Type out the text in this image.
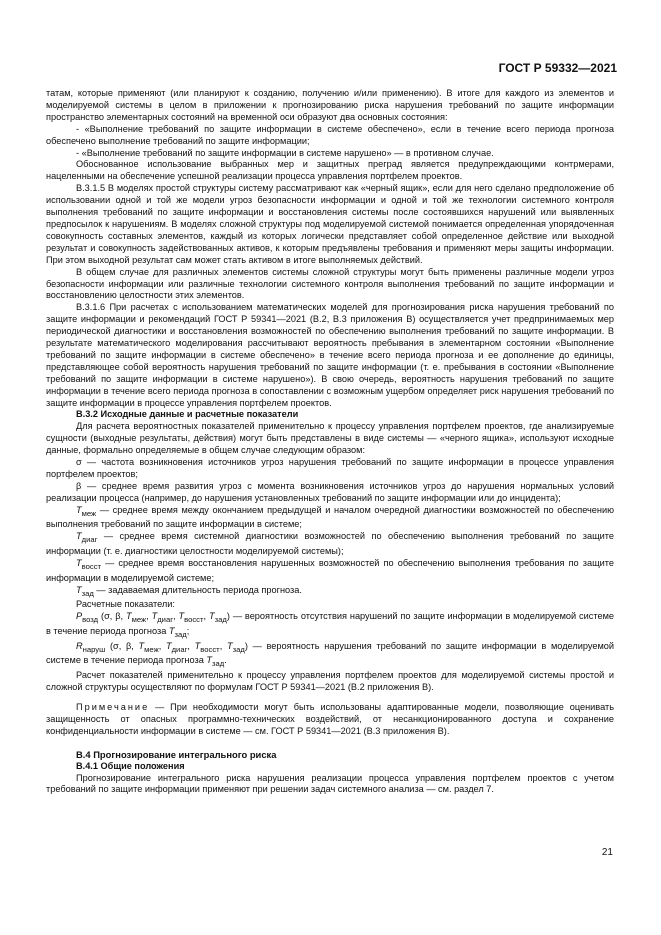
ГОСТ Р 59332—2021

татам, которые применяют (или планируют к созданию, получению и/или применению). В итоге для каждого из элементов и моделируемой системы в целом в приложении к прогнозированию риска нарушения требований по защите информации пространство элементарных состояний на временной оси образуют два основных состояния:

- «Выполнение требований по защите информации в системе обеспечено», если в течение всего периода прогноза обеспечено выполнение требований по защите информации;

- «Выполнение требований по защите информации в системе нарушено» — в противном случае.

Обоснованное использование выбранных мер и защитных преград является предупреждающими контрмерами, нацеленными на обеспечение успешной реализации процесса управления портфелем проектов.

В.3.1.5 В моделях простой структуры систему рассматривают как «черный ящик», если для него сделано предположение об использовании одной и той же модели угроз безопасности информации и одной и той же технологии системного контроля выполнения требований по защите информации и восстановления системы после состоявшихся нарушений или выявленных предпосылок к нарушениям. В моделях сложной структуры под моделируемой системой понимается определенная упорядоченная совокупность составных элементов, каждый из которых логически представляет собой определенное действие или выходной результат и совокупность задействованных активов, к которым предъявлены требования и применяют меры защиты информации. При этом выходной результат сам может стать активом в итоге выполняемых действий.

В общем случае для различных элементов системы сложной структуры могут быть применены различные модели угроз безопасности информации или различные технологии системного контроля выполнения требований по защите информации и восстановлению целостности этих элементов.

В.3.1.6 При расчетах с использованием математических моделей для прогнозирования риска нарушения требований по защите информации и рекомендаций ГОСТ Р 59341—2021 (В.2, В.3 приложения В) осуществляется учет предпринимаемых мер периодической диагностики и восстановления возможностей по обеспечению выполнения требований по защите информации. В результате математического моделирования рассчитывают вероятность пребывания в элементарном состоянии «Выполнение требований по защите информации в системе обеспечено» в течение всего периода прогноза и ее дополнение до единицы, представляющее собой вероятность нарушения требований по защите информации (т. е. пребывания в состоянии «Выполнение требований по защите информации в системе нарушено»). В свою очередь, вероятность нарушения требований по защите информации в течение всего периода прогноза в сопоставлении с возможным ущербом определяет риск нарушения требований по защите информации в процессе управления портфелем проектов.

В.3.2 Исходные данные и расчетные показатели

Для расчета вероятностных показателей применительно к процессу управления портфелем проектов, где анализируемые сущности (выходные результаты, действия) могут быть представлены в виде системы — «черного ящика», используют исходные данные, формально определяемые в общем случае следующим образом:

σ — частота возникновения источников угроз нарушения требований по защите информации в процессе управления портфелем проектов;

β — среднее время развития угроз с момента возникновения источников угроз до нарушения нормальных условий реализации процесса (например, до нарушения установленных требований по защите информации или до инцидента);

$T_{меж}$ — среднее время между окончанием предыдущей и началом очередной диагностики возможностей по обеспечению выполнения требований по защите информации в системе;

$T_{диаг}$ — среднее время системной диагностики возможностей по обеспечению выполнения требований по защите информации (т. е. диагностики целостности моделируемой системы);

$T_{восст}$ — среднее время восстановления нарушенных возможностей по обеспечению выполнения требования по защите информации в моделируемой системе;

$T_{зад}$ — задаваемая длительность периода прогноза.

Расчетные показатели:

$P_{возд}$ (σ, β, $T_{меж}$, $T_{диаг}$, $T_{восст}$, $T_{зад}$) — вероятность отсутствия нарушений по защите информации в моделируемой системе в течение периода прогноза $T_{зад}$;

$R_{наруш}$ (σ, β, $T_{меж}$, $T_{диаг}$, $T_{восст}$, $T_{зад}$) — вероятность нарушения требований по защите информации в моделируемой системе в течение периода прогноза $T_{зад}$.

Расчет показателей применительно к процессу управления портфелем проектов для моделируемой системы простой и сложной структуры осуществляют по формулам ГОСТ Р 59341—2021 (В.2 приложения В).

Примечание — При необходимости могут быть использованы адаптированные модели, позволяющие оценивать защищенность от опасных программно-технических воздействий, от несанкционированного доступа и сохранение конфиденциальности информации в системе — см. ГОСТ Р 59341—2021 (В.3 приложения В).

В.4 Прогнозирование интегрального риска
В.4.1 Общие положения

Прогнозирование интегрального риска нарушения реализации процесса управления портфелем проектов с учетом требований по защите информации применяют при решении задач системного анализа — см. раздел 7.

21
